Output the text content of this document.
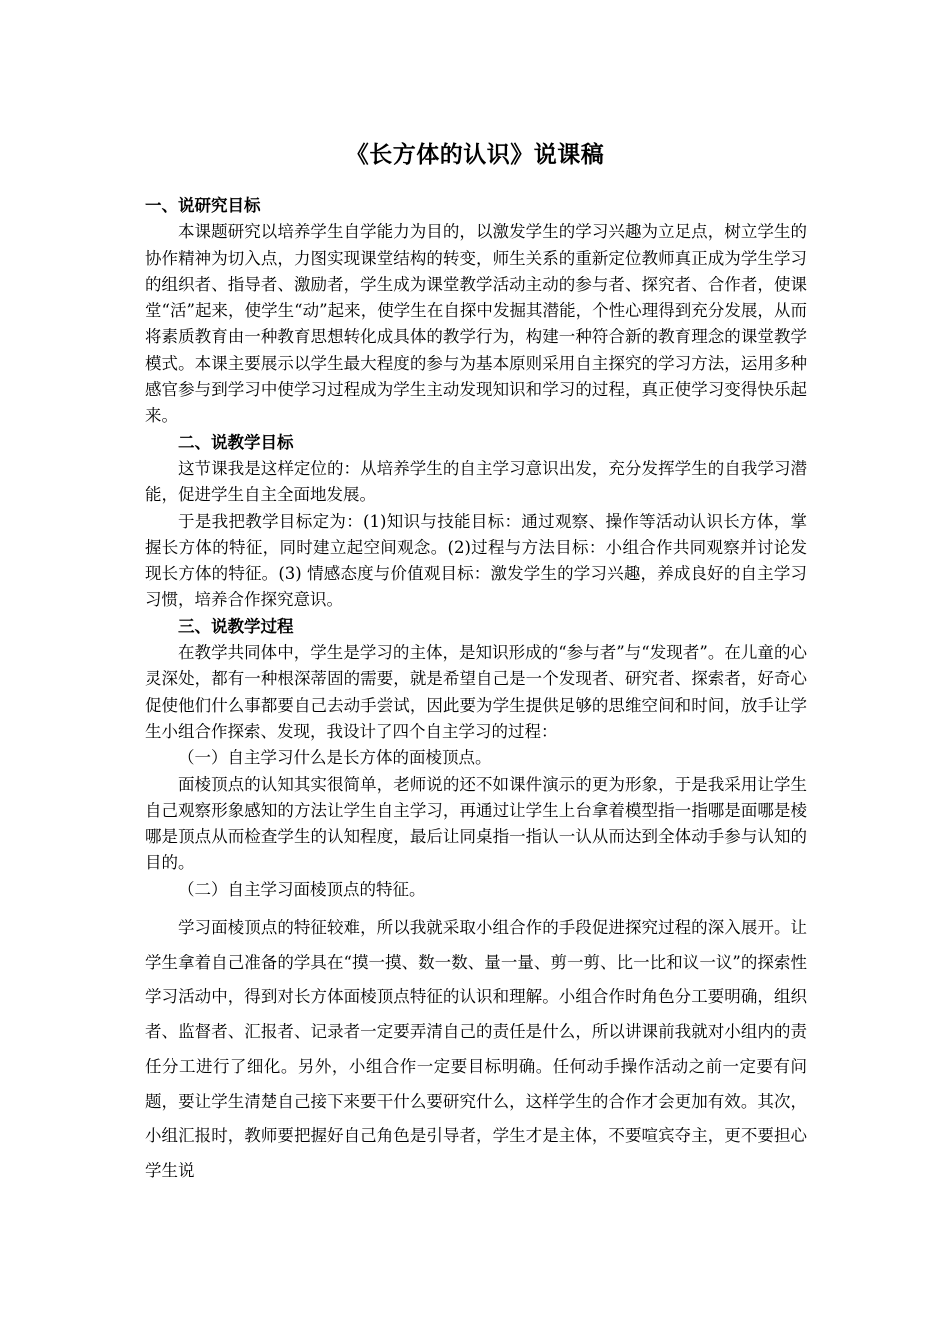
《长方体的认识》说课稿
一、说研究目标

本课题研究以培养学生自学能力为目的，以激发学生的学习兴趣为立足点，树立学生的协作精神为切入点，力图实现课堂结构的转变，师生关系的重新定位教师真正成为学生学习的组织者、指导者、激励者，学生成为课堂教学活动主动的参与者、探究者、合作者，使课堂“活”起来，使学生“动”起来，使学生在自探中发掘其潜能，个性心理得到充分发展，从而将素质教育由一种教育思想转化成具体的教学行为，构建一种符合新的教育理念的课堂教学模式。本课主要展示以学生最大程度的参与为基本原则采用自主探究的学习方法，运用多种感官参与到学习中使学习过程成为学生主动发现知识和学习的过程，真正使学习变得快乐起来。

二、说教学目标

这节课我是这样定位的：从培养学生的自主学习意识出发，充分发挥学生的自我学习潜能，促进学生自主全面地发展。

于是我把教学目标定为：(1)知识与技能目标：通过观察、操作等活动认识长方体，掌握长方体的特征，同时建立起空间观念。(2)过程与方法目标：小组合作共同观察并讨论发现长方体的特征。(3) 情感态度与价值观目标：激发学生的学习兴趣，养成良好的自主学习习惯，培养合作探究意识。

三、说教学过程

在教学共同体中，学生是学习的主体，是知识形成的“参与者”与“发现者”。在儿童的心灵深处，都有一种根深蒂固的需要，就是希望自己是一个发现者、研究者、探索者，好奇心促使他们什么事都要自己去动手尝试，因此要为学生提供足够的思维空间和时间，放手让学生小组合作探索、发现，我设计了四个自主学习的过程：

（一）自主学习什么是长方体的面棱顶点。

面棱顶点的认知其实很简单，老师说的还不如课件演示的更为形象，于是我采用让学生自己观察形象感知的方法让学生自主学习，再通过让学生上台拿着模型指一指哪是面哪是棱哪是顶点从而检查学生的认知程度，最后让同桌指一指认一认从而达到全体动手参与认知的目的。

（二）自主学习面棱顶点的特征。

学习面棱顶点的特征较难，所以我就采取小组合作的手段促进探究过程的深入展开。让学生拿着自己准备的学具在“摸一摸、数一数、量一量、剪一剪、比一比和议一议”的探索性学习活动中，得到对长方体面棱顶点特征的认识和理解。小组合作时角色分工要明确，组织者、监督者、汇报者、记录者一定要弄清自己的责任是什么，所以讲课前我就对小组内的责任分工进行了细化。另外，小组合作一定要目标明确。任何动手操作活动之前一定要有问题，要让学生清楚自己接下来要干什么要研究什么，这样学生的合作才会更加有效。其次，小组汇报时，教师要把握好自己角色是引导者，学生才是主体，不要喧宾夺主，更不要担心学生说
